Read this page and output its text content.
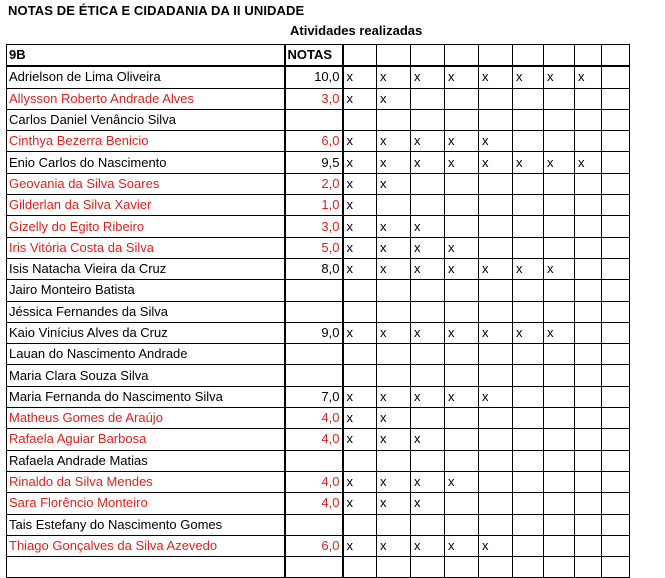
NOTAS DE ÉTICA E CIDADANIA DA II UNIDADE
Atividades realizadas
9B	NOTAS									
Adrielson de Lima Oliveira	10,0	x	x	x	x	x	x	x	x	
Allysson Roberto Andrade Alves	3,0	x	x							
Carlos Daniel Venâncio Silva										
Cinthya Bezerra Benicio	6,0	x	x	x	x	x				
Enio Carlos do Nascimento	9,5	x	x	x	x	x	x	x	x	
Geovania da Silva Soares	2,0	x	x							
Gilderlan da Silva Xavier	1,0	x								
Gizelly do Egito Ribeiro	3,0	x	x	x						
Iris Vitória Costa da Silva	5,0	x	x	x	x					
Isis Natacha Vieira da Cruz	8,0	x	x	x	x	x	x	x		
Jairo Monteiro Batista										
Jéssica Fernandes da Silva										
Kaio Vinícius Alves da Cruz	9,0	x	x	x	x	x	x	x		
Lauan do Nascimento Andrade										
Maria Clara Souza Silva										
Maria Fernanda do Nascimento Silva	7,0	x	x	x	x	x				
Matheus Gomes de Araújo	4,0	x	x							
Rafaela Aguiar Barbosa	4,0	x	x	x						
Rafaela Andrade Matias										
Rinaldo da Silva Mendes	4,0	x	x	x	x					
Sara Florêncio Monteiro	4,0	x	x	x						
Tais Estefany do Nascimento Gomes										
Thiago Gonçalves da Silva Azevedo	6,0	x	x	x	x	x				
